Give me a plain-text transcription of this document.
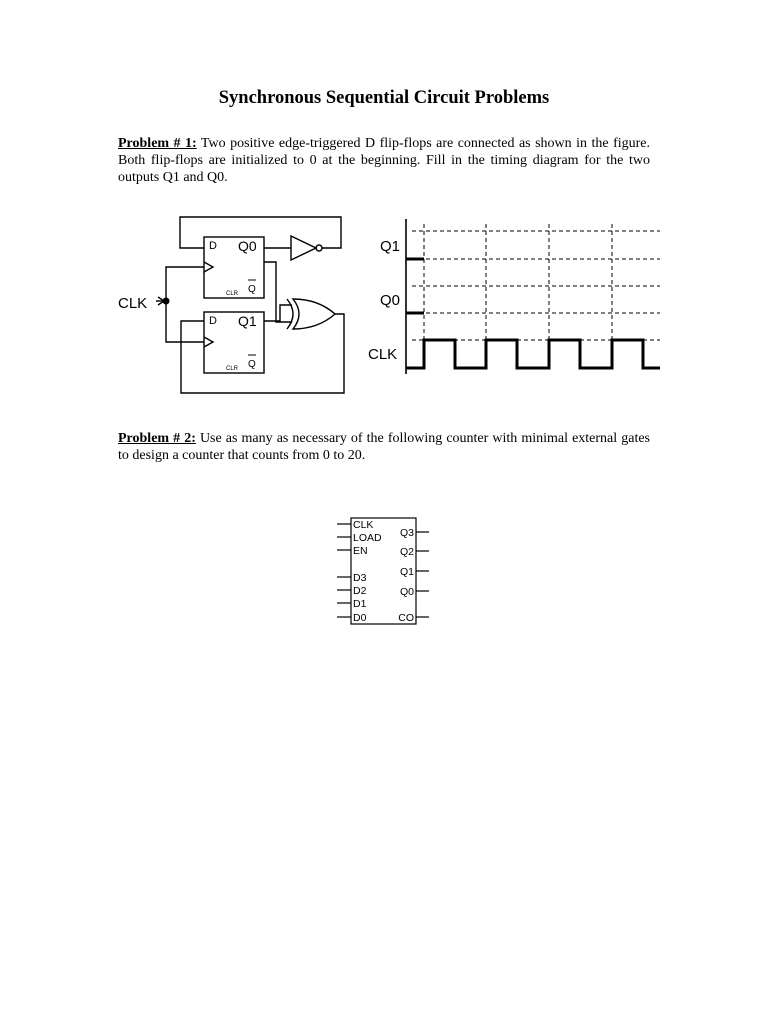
Synchronous Sequential Circuit Problems

Problem # 1: Two positive edge-triggered D flip-flops are connected as shown in the figure. Both flip-flops are initialized to 0 at the beginning. Fill in the timing diagram for the two outputs Q1 and Q0.

Problem # 2: Use as many as necessary of the following counter with minimal external gates to design a counter that counts from 0 to 20.

CLK
D Q0
Q
CLR
D Q1
Q
CLR
Q1
Q0
CLK
CLK
LOAD
EN
D3
D2
D1
D0
Q3
Q2
Q1
Q0
CO
